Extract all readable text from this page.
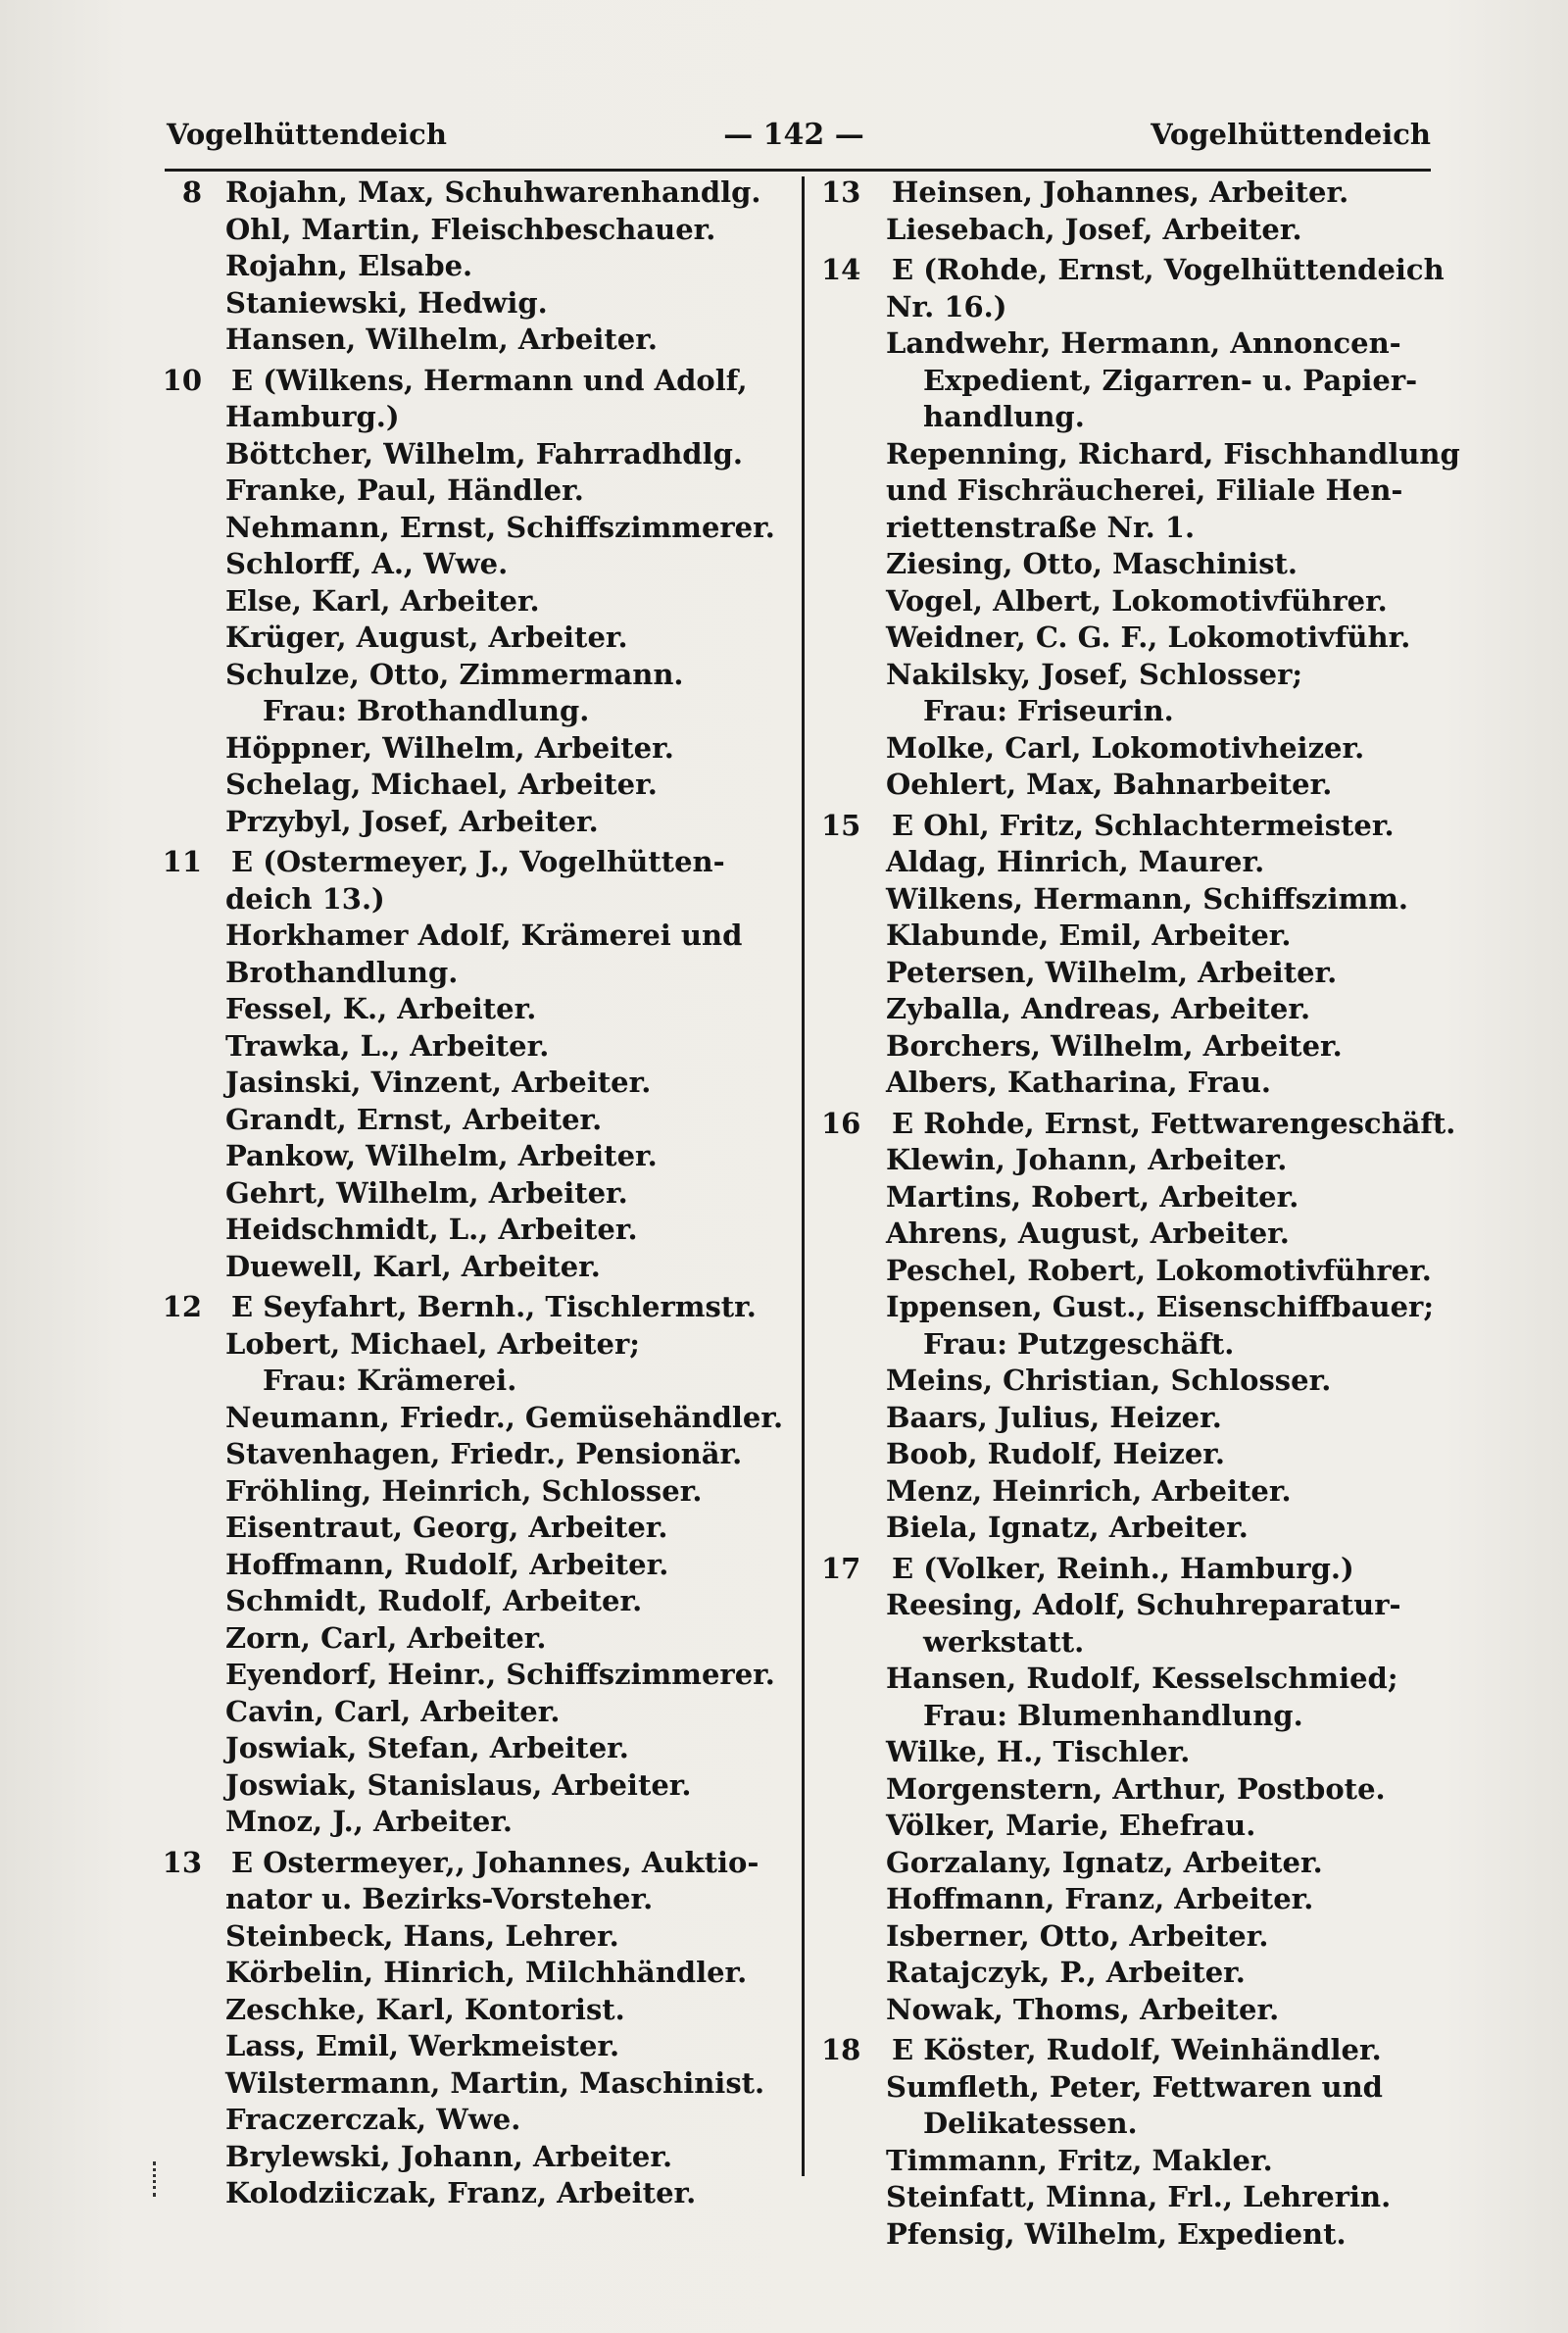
Vogelhüttendeich	— 142 —	Vogelhüttendeich
8 Rojahn, Max, Schuhwarenhandlg.
Ohl, Martin, Fleischbeschauer.
Rojahn, Elsabe.
Staniewski, Hedwig.
Hansen, Wilhelm, Arbeiter.
10	E (Wilkens, Hermann und Adolf,
Hamburg.)
Böttcher, Wilhelm, Fahrradhdlg.
Franke, Paul, Händler.
Nehmann, Ernst, Schiffszimmerer.
Schlorff, A., Wwe.
Else, Karl, Arbeiter.
Krüger, August, Arbeiter.
Schulze, Otto, Zimmermann.
Frau: Brothandlung.
Höppner, Wilhelm, Arbeiter.
Schelag, Michael, Arbeiter.
Przybyl, Josef, Arbeiter.
11	E (Ostermeyer, J., Vogelhütten-
deich 13.)
Horkhamer Adolf, Krämerei und
Brothandlung.
Fessel, K., Arbeiter.
Trawka, L., Arbeiter.
Jasinski, Vinzent, Arbeiter.
Grandt, Ernst, Arbeiter.
Pankow, Wilhelm, Arbeiter.
Gehrt, Wilhelm, Arbeiter.
Heidschmidt, L., Arbeiter.
Duewell, Karl, Arbeiter.
12	E Seyfahrt, Bernh., Tischlermstr.
Lobert, Michael, Arbeiter;
Frau: Krämerei.
Neumann, Friedr., Gemüsehändler.
Stavenhagen, Friedr., Pensionär.
Fröhling, Heinrich, Schlosser.
Eisentraut, Georg, Arbeiter.
Hoffmann, Rudolf, Arbeiter.
Schmidt, Rudolf, Arbeiter.
Zorn, Carl, Arbeiter.
Eyendorf, Heinr., Schiffszimmerer.
Cavin, Carl, Arbeiter.
Joswiak, Stefan, Arbeiter.
Joswiak, Stanislaus, Arbeiter.
Mnoz, J., Arbeiter.
13	E Ostermeyer,, Johannes, Auktio-
nator u. Bezirks-Vorsteher.
Steinbeck, Hans, Lehrer.
Körbelin, Hinrich, Milchhändler.
Zeschke, Karl, Kontorist.
Lass, Emil, Werkmeister.
Wilstermann, Martin, Maschinist.
Fraczerczak, Wwe.
Brylewski, Johann, Arbeiter.
Kolodziiczak, Franz, Arbeiter.
13	Heinsen, Johannes, Arbeiter.
Liesebach, Josef, Arbeiter.
14	E (Rohde, Ernst, Vogelhüttendeich
Nr. 16.)
Landwehr, Hermann, Annoncen-
Expedient, Zigarren- u. Papier-
handlung.
Repenning, Richard, Fischhandlung
und Fischräucherei, Filiale Hen-
riettenstraße Nr. 1.
Ziesing, Otto, Maschinist.
Vogel, Albert, Lokomotivführer.
Weidner, C. G. F., Lokomotivführ.
Nakilsky, Josef, Schlosser;
Frau: Friseurin.
Molke, Carl, Lokomotivheizer.
Oehlert, Max, Bahnarbeiter.
15	E Ohl, Fritz, Schlachtermeister.
Aldag, Hinrich, Maurer.
Wilkens, Hermann, Schiffszimm.
Klabunde, Emil, Arbeiter.
Petersen, Wilhelm, Arbeiter.
Zyballa, Andreas, Arbeiter.
Borchers, Wilhelm, Arbeiter.
Albers, Katharina, Frau.
16	E Rohde, Ernst, Fettwarengeschäft.
Klewin, Johann, Arbeiter.
Martins, Robert, Arbeiter.
Ahrens, August, Arbeiter.
Peschel, Robert, Lokomotivführer.
Ippensen, Gust., Eisenschiffbauer;
Frau: Putzgeschäft.
Meins, Christian, Schlosser.
Baars, Julius, Heizer.
Boob, Rudolf, Heizer.
Menz, Heinrich, Arbeiter.
Biela, Ignatz, Arbeiter.
17	E (Volker, Reinh., Hamburg.)
Reesing, Adolf, Schuhreparatur-
werkstatt.
Hansen, Rudolf, Kesselschmied;
Frau: Blumenhandlung.
Wilke, H., Tischler.
Morgenstern, Arthur, Postbote.
Völker, Marie, Ehefrau.
Gorzalany, Ignatz, Arbeiter.
Hoffmann, Franz, Arbeiter.
Isberner, Otto, Arbeiter.
Ratajczyk, P., Arbeiter.
Nowak, Thoms, Arbeiter.
18	E Köster, Rudolf, Weinhändler.
Sumfleth, Peter, Fettwaren und
Delikatessen.
Timmann, Fritz, Makler.
Steinfatt, Minna, Frl., Lehrerin.
Pfensig, Wilhelm, Expedient.
